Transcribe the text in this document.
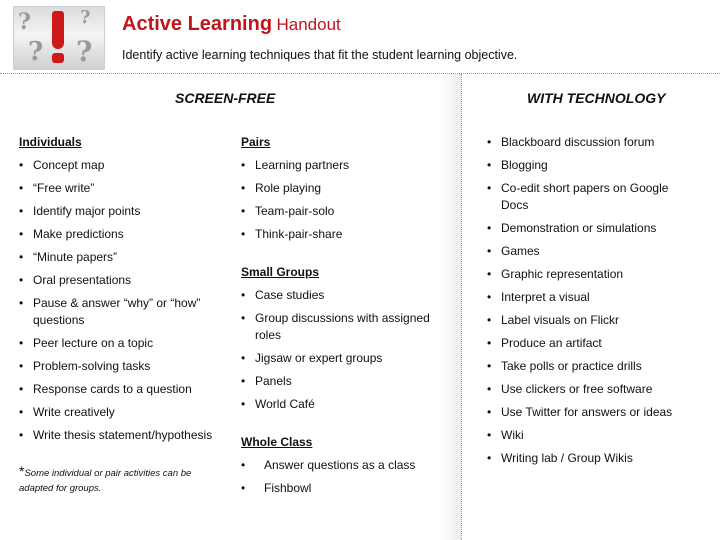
?	?
? ?
Active Learning Handout
Identify active learning techniques that fit the student learning objective.
SCREEN-FREE	WITH TECHNOLOGY
Individuals
• Concept map
• “Free write”
• Identify major points
• Make predictions
• “Minute papers”
• Oral presentations
• Pause & answer “why” or “how” questions
• Peer lecture on a topic
• Problem-solving tasks
• Response cards to a question
• Write creatively
• Write thesis statement/hypothesis
*Some individual or pair activities can be adapted for groups.
Pairs
• Learning partners
• Role playing
• Team-pair-solo
• Think-pair-share
Small Groups
• Case studies
• Group discussions with assigned roles
• Jigsaw or expert groups
• Panels
• World Café
Whole Class
• Answer questions as a class
• Fishbowl
• Blackboard discussion forum
• Blogging
• Co-edit short papers on Google Docs
• Demonstration or simulations
• Games
• Graphic representation
• Interpret a visual
• Label visuals on Flickr
• Produce an artifact
• Take polls or practice drills
• Use clickers or free software
• Use Twitter for answers or ideas
• Wiki
• Writing lab / Group Wikis
